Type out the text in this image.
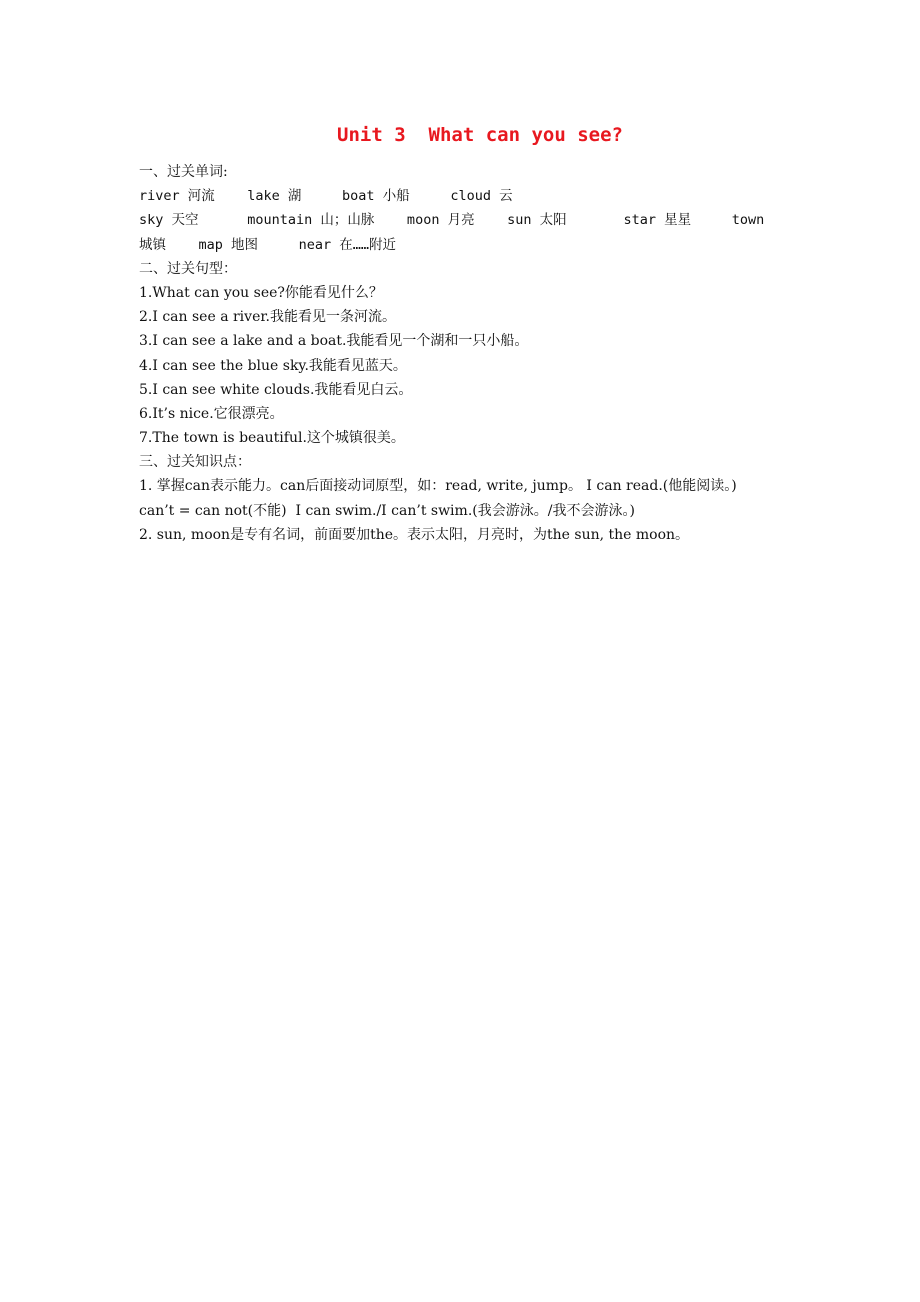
Unit 3  What can you see?
一、过关单词:
river 河流    lake 湖     boat 小船     cloud 云
sky 天空      mountain 山；山脉    moon 月亮    sun 太阳       star 星星     town
城镇    map 地图     near 在……附近
二、过关句型：
1.What can you see?你能看见什么？
2.I can see a river.我能看见一条河流。
3.I can see a lake and a boat.我能看见一个湖和一只小船。
4.I can see the blue sky.我能看见蓝天。
5.I can see white clouds.我能看见白云。
6.It’s nice.它很漂亮。
7.The town is beautiful.这个城镇很美。
三、过关知识点：
1. 掌握can表示能力。can后面接动词原型，如：read, write, jump。 I can read.(他能阅读。)
can’t = can not(不能)  I can swim./I can’t swim.(我会游泳。/我不会游泳。)
2. sun, moon是专有名词，前面要加the。表示太阳，月亮时，为the sun, the moon。
